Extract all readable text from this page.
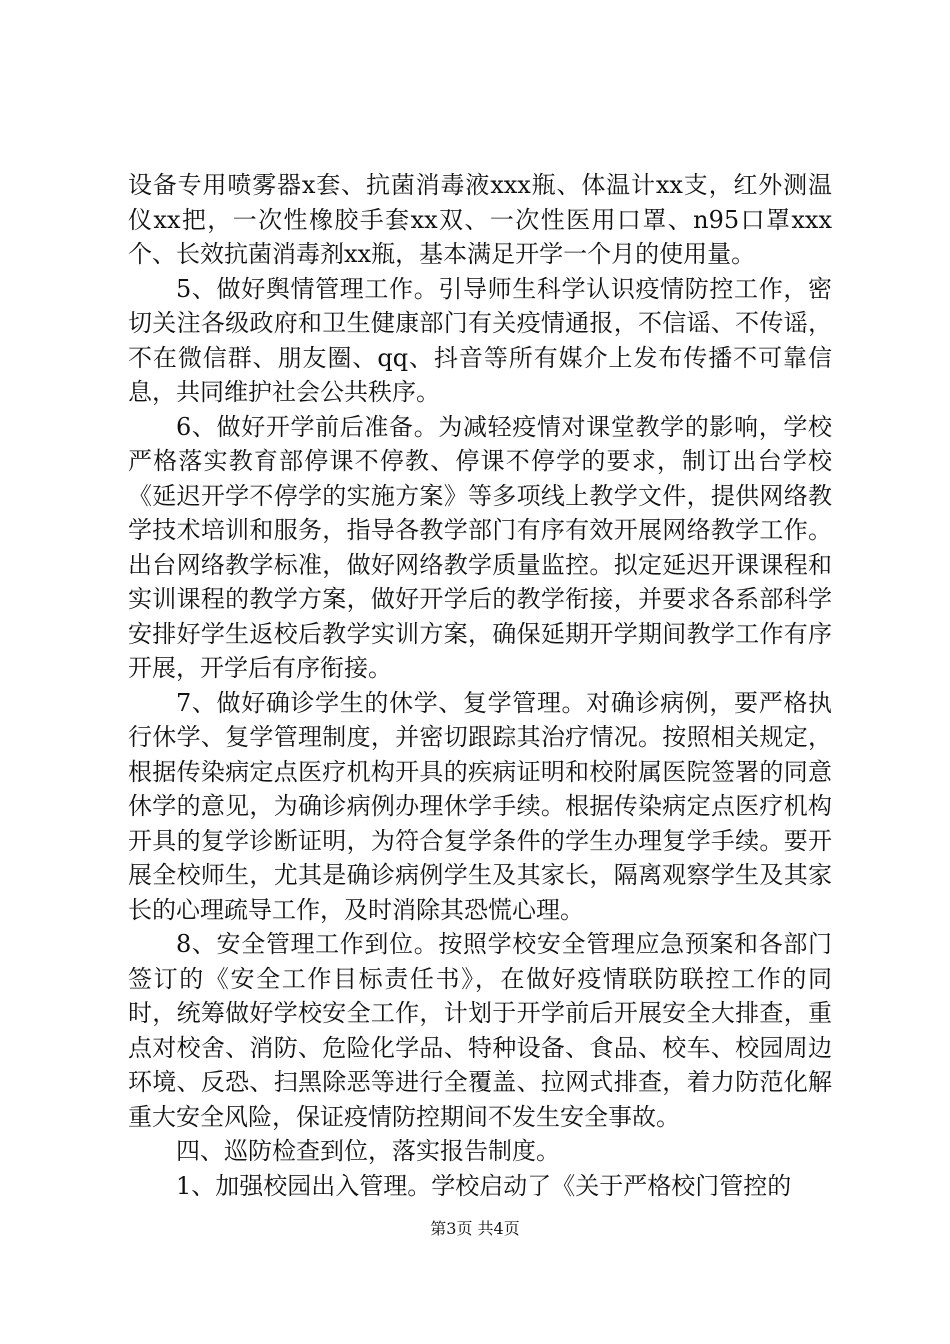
设备专用喷雾器x套、抗菌消毒液xxx瓶、体温计xx支，红外测温仪xx把，一次性橡胶手套xx双、一次性医用口罩、n95口罩xxx个、长效抗菌消毒剂xx瓶，基本满足开学一个月的使用量。

5、做好舆情管理工作。引导师生科学认识疫情防控工作，密切关注各级政府和卫生健康部门有关疫情通报，不信谣、不传谣，不在微信群、朋友圈、qq、抖音等所有媒介上发布传播不可靠信息，共同维护社会公共秩序。

6、做好开学前后准备。为减轻疫情对课堂教学的影响，学校严格落实教育部停课不停教、停课不停学的要求，制订出台学校《延迟开学不停学的实施方案》等多项线上教学文件，提供网络教学技术培训和服务，指导各教学部门有序有效开展网络教学工作。出台网络教学标准，做好网络教学质量监控。拟定延迟开课课程和实训课程的教学方案，做好开学后的教学衔接，并要求各系部科学安排好学生返校后教学实训方案，确保延期开学期间教学工作有序开展，开学后有序衔接。

7、做好确诊学生的休学、复学管理。对确诊病例，要严格执行休学、复学管理制度，并密切跟踪其治疗情况。按照相关规定，根据传染病定点医疗机构开具的疾病证明和校附属医院签署的同意休学的意见，为确诊病例办理休学手续。根据传染病定点医疗机构开具的复学诊断证明，为符合复学条件的学生办理复学手续。要开展全校师生，尤其是确诊病例学生及其家长，隔离观察学生及其家长的心理疏导工作，及时消除其恐慌心理。

8、安全管理工作到位。按照学校安全管理应急预案和各部门签订的《安全工作目标责任书》，在做好疫情联防联控工作的同时，统筹做好学校安全工作，计划于开学前后开展安全大排查，重点对校舍、消防、危险化学品、特种设备、食品、校车、校园周边环境、反恐、扫黑除恶等进行全覆盖、拉网式排查，着力防范化解重大安全风险，保证疫情防控期间不发生安全事故。

四、巡防检查到位，落实报告制度。

1、加强校园出入管理。学校启动了《关于严格校门管控的

第3页 共4页
